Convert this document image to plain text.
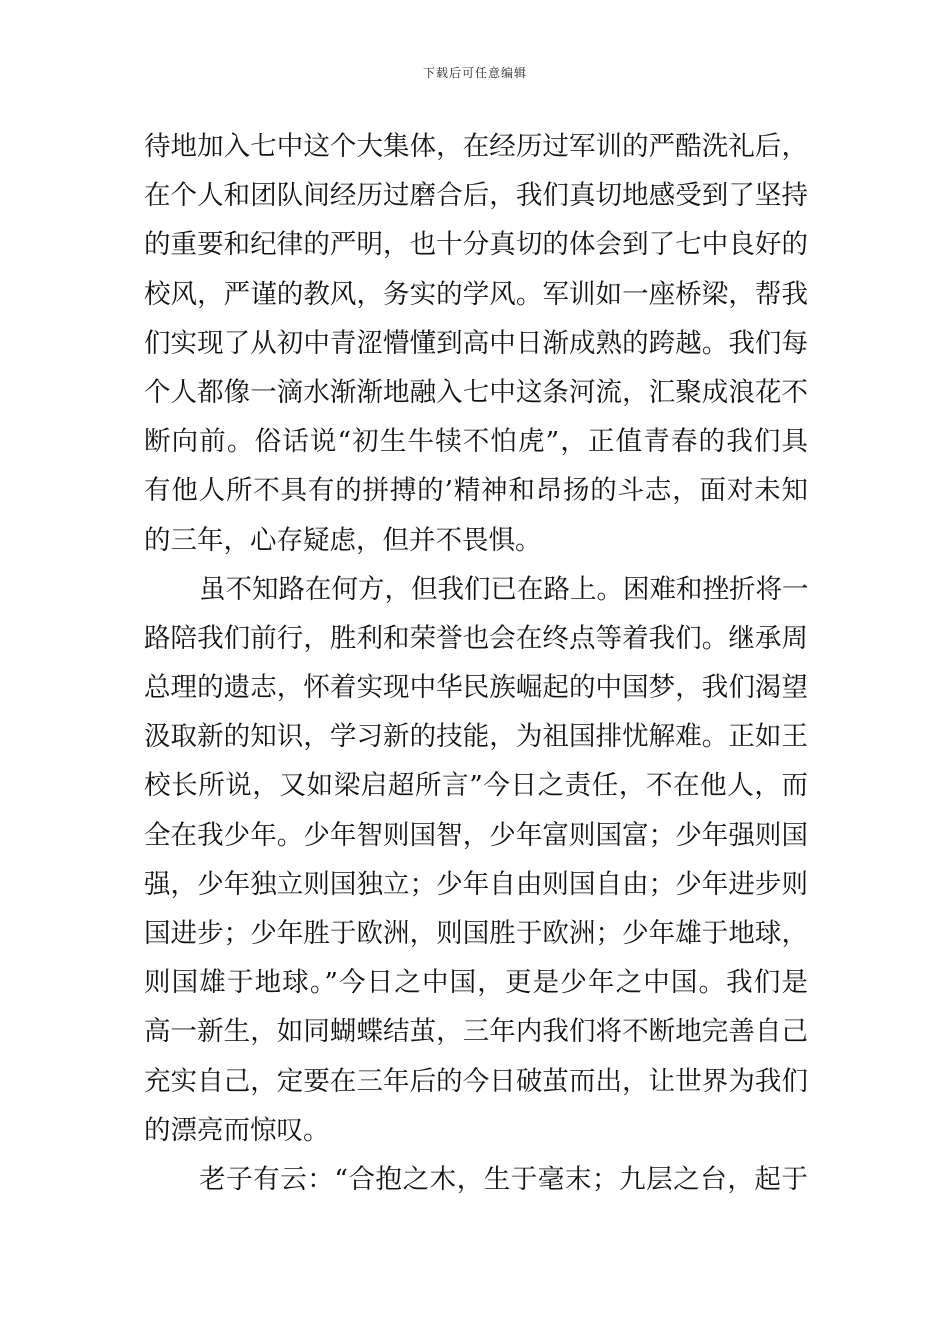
下载后可任意编辑
待地加入七中这个大集体，在经历过军训的严酷洗礼后，
在个人和团队间经历过磨合后，我们真切地感受到了坚持
的重要和纪律的严明，也十分真切的体会到了七中良好的
校风，严谨的教风，务实的学风。军训如一座桥梁，帮我
们实现了从初中青涩懵懂到高中日渐成熟的跨越。我们每
个人都像一滴水渐渐地融入七中这条河流，汇聚成浪花不
断向前。俗话说“初生牛犊不怕虎”，正值青春的我们具
有他人所不具有的拼搏的’精神和昂扬的斗志，面对未知
的三年，心存疑虑，但并不畏惧。
虽不知路在何方，但我们已在路上。困难和挫折将一
路陪我们前行，胜利和荣誉也会在终点等着我们。继承周
总理的遗志，怀着实现中华民族崛起的中国梦，我们渴望
汲取新的知识，学习新的技能，为祖国排忧解难。正如王
校长所说，又如梁启超所言”今日之责任，不在他人，而
全在我少年。少年智则国智，少年富则国富；少年强则国
强，少年独立则国独立；少年自由则国自由；少年进步则
国进步；少年胜于欧洲，则国胜于欧洲；少年雄于地球，
则国雄于地球。”今日之中国，更是少年之中国。我们是
高一新生，如同蝴蝶结茧，三年内我们将不断地完善自己
充实自己，定要在三年后的今日破茧而出，让世界为我们
的漂亮而惊叹。
老子有云：“合抱之木，生于毫末；九层之台，起于
